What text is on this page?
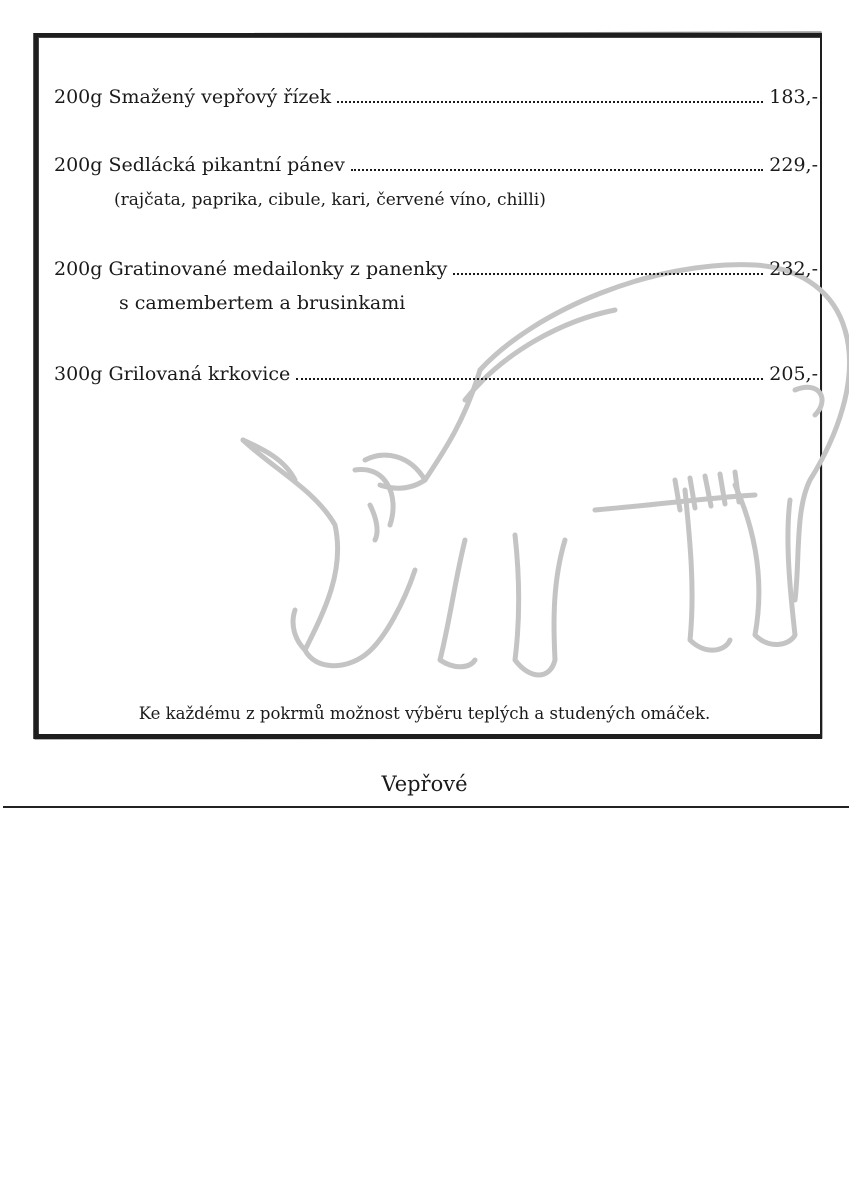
200g Smažený vepřový řízek	183,-
200g Sedlácká pikantní pánev	229,-
(rajčata, paprika, cibule, kari, červené víno, chilli)
200g Gratinované medailonky z panenky	232,-
s camembertem a brusinkami
300g Grilovaná krkovice	205,-
Ke každému z pokrmů možnost výběru teplých a studených omáček.
Vepřové
